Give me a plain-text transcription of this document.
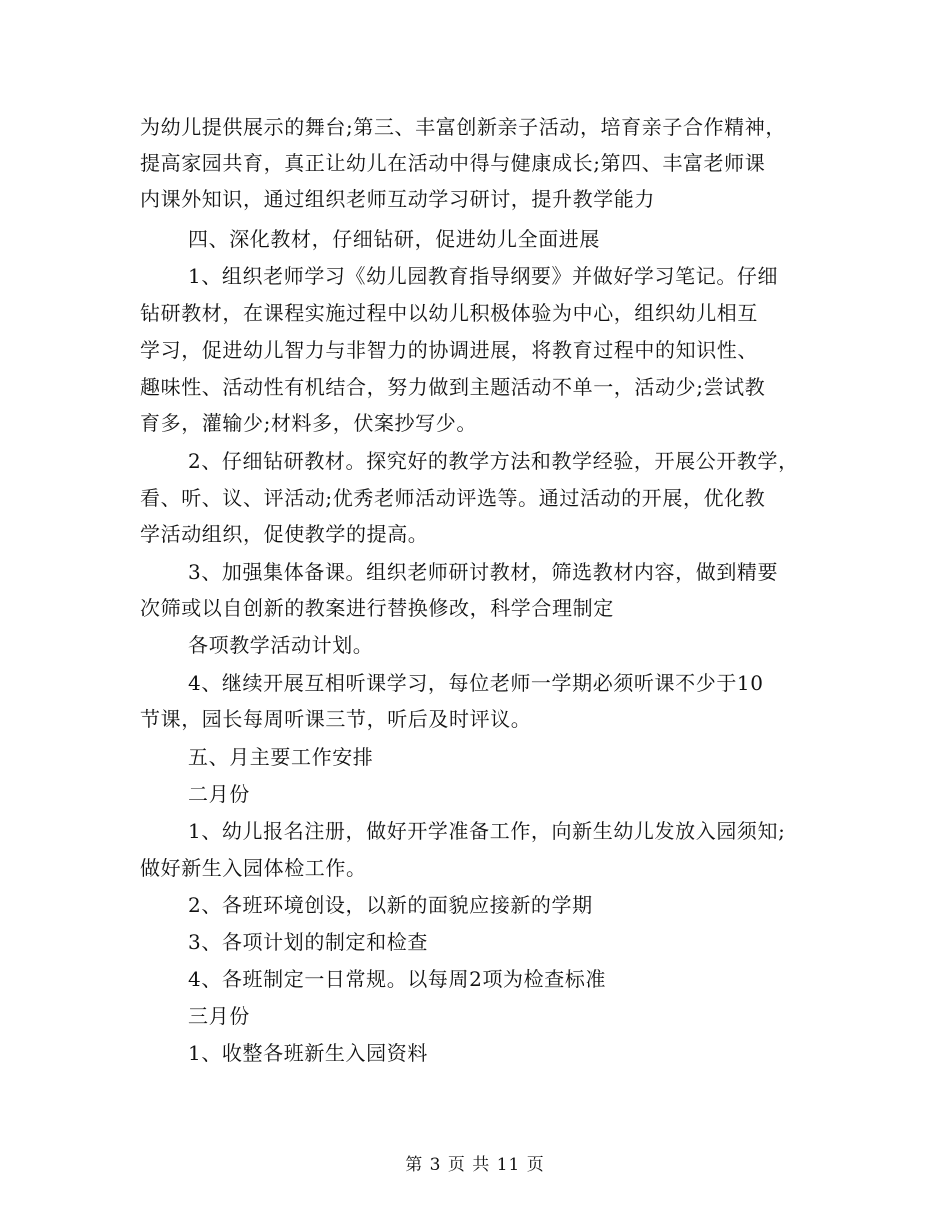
为幼儿提供展示的舞台;第三、丰富创新亲子活动，培育亲子合作精神，
提高家园共育，真正让幼儿在活动中得与健康成长;第四、丰富老师课
内课外知识，通过组织老师互动学习研讨，提升教学能力
四、深化教材，仔细钻研，促进幼儿全面进展
1、组织老师学习《幼儿园教育指导纲要》并做好学习笔记。仔细
钻研教材，在课程实施过程中以幼儿积极体验为中心，组织幼儿相互
学习，促进幼儿智力与非智力的协调进展，将教育过程中的知识性、
趣味性、活动性有机结合，努力做到主题活动不单一，活动少;尝试教
育多，灌输少;材料多，伏案抄写少。
2、仔细钻研教材。探究好的教学方法和教学经验，开展公开教学，
看、听、议、评活动;优秀老师活动评选等。通过活动的开展，优化教
学活动组织，促使教学的提高。
3、加强集体备课。组织老师研讨教材，筛选教材内容，做到精要
次筛或以自创新的教案进行替换修改，科学合理制定
各项教学活动计划。
4、继续开展互相听课学习，每位老师一学期必须听课不少于10
节课，园长每周听课三节，听后及时评议。
五、月主要工作安排
二月份
1、幼儿报名注册，做好开学准备工作，向新生幼儿发放入园须知;
做好新生入园体检工作。
2、各班环境创设，以新的面貌应接新的学期
3、各项计划的制定和检查
4、各班制定一日常规。以每周2项为检查标准
三月份
1、收整各班新生入园资料
第 3 页 共 11 页
